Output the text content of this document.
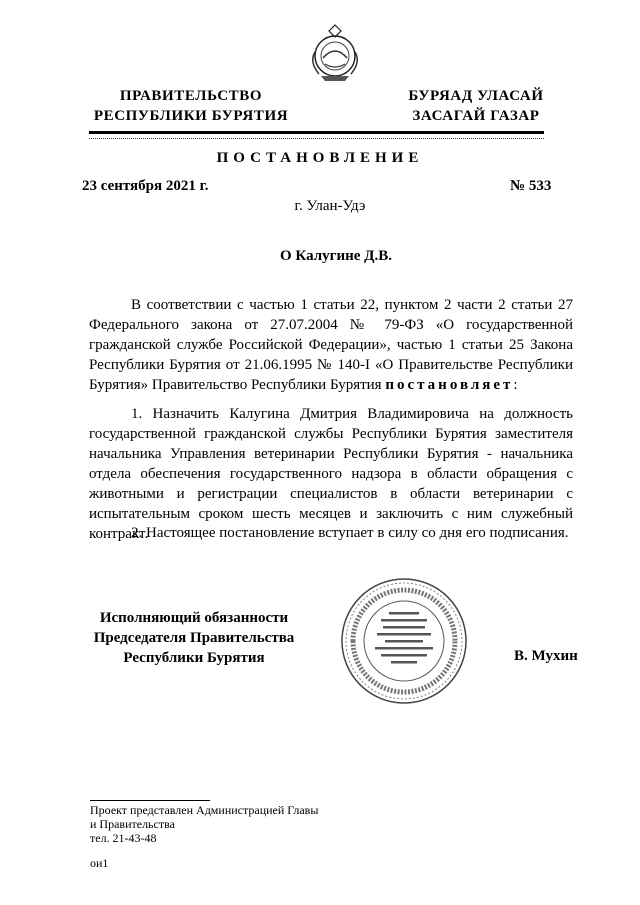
ПРАВИТЕЛЬСТВО
РЕСПУБЛИКИ БУРЯТИЯ
БУРЯАД УЛАСАЙ
ЗАСАГАЙ ГАЗАР
ПОСТАНОВЛЕНИЕ
23 сентября 2021 г.	№ 533
г. Улан-Удэ
О Калугине Д.В.
В соответствии с частью 1 статьи 22, пунктом 2 части 2 статьи 27 Федерального закона от 27.07.2004 № 79-ФЗ «О государственной гражданской службе Российской Федерации», частью 1 статьи 25 Закона Республики Бурятия от 21.06.1995 № 140-I «О Правительстве Республики Бурятия» Правительство Республики Бурятия постановляет:
1. Назначить Калугина Дмитрия Владимировича на должность государственной гражданской службы Республики Бурятия заместителя начальника Управления ветеринарии Республики Бурятия - начальника отдела обеспечения государственного надзора в области обращения с животными и регистрации специалистов в области ветеринарии с испытательным сроком шесть месяцев и заключить с ним служебный контракт.
2. Настоящее постановление вступает в силу со дня его подписания.
Исполняющий обязанности
Председателя Правительства
Республики Бурятия	В. Мухин
Проект представлен Администрацией Главы
и Правительства
тел. 21-43-48
ои1
